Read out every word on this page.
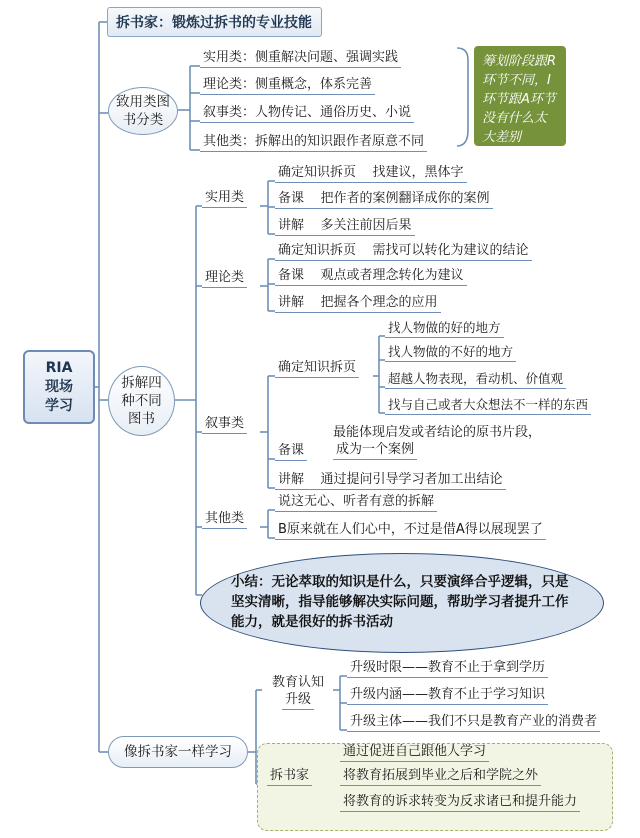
拆书家：锻炼过拆书的专业技能
RIA
现场
学习
致用类图
书分类
实用类：侧重解决问题、强调实践
理论类：侧重概念，体系完善
叙事类：人物传记、通俗历史、小说
其他类：拆解出的知识跟作者原意不同
筹划阶段跟R
环节不同，I
环节跟A环节
没有什么太
大差别
拆解四
种不同
图书
实用类
确定知识拆页 找建议，黑体字
备课 把作者的案例翻译成你的案例
讲解 多关注前因后果
理论类
确定知识拆页 需找可以转化为建议的结论
备课 观点或者理念转化为建议
讲解 把握各个理念的应用
叙事类
确定知识拆页
找人物做的好的地方
找人物做的不好的地方
超越人物表现，看动机、价值观
找与自己或者大众想法不一样的东西
备课
最能体现启发或者结论的原书片段，
成为一个案例
讲解 通过提问引导学习者加工出结论
其他类
说这无心、听者有意的拆解
B原来就在人们心中，不过是借A得以展现罢了
小结：无论萃取的知识是什么，只要演绎合乎逻辑，只是坚实清晰，指导能够解决实际问题，帮助学习者提升工作能力，就是很好的拆书活动
像拆书家一样学习
教育认知
升级
升级时限——教育不止于拿到学历
升级内涵——教育不止于学习知识
升级主体——我们不只是教育产业的消费者
拆书家
通过促进自己跟他人学习
将教育拓展到毕业之后和学院之外
将教育的诉求转变为反求诸已和提升能力
